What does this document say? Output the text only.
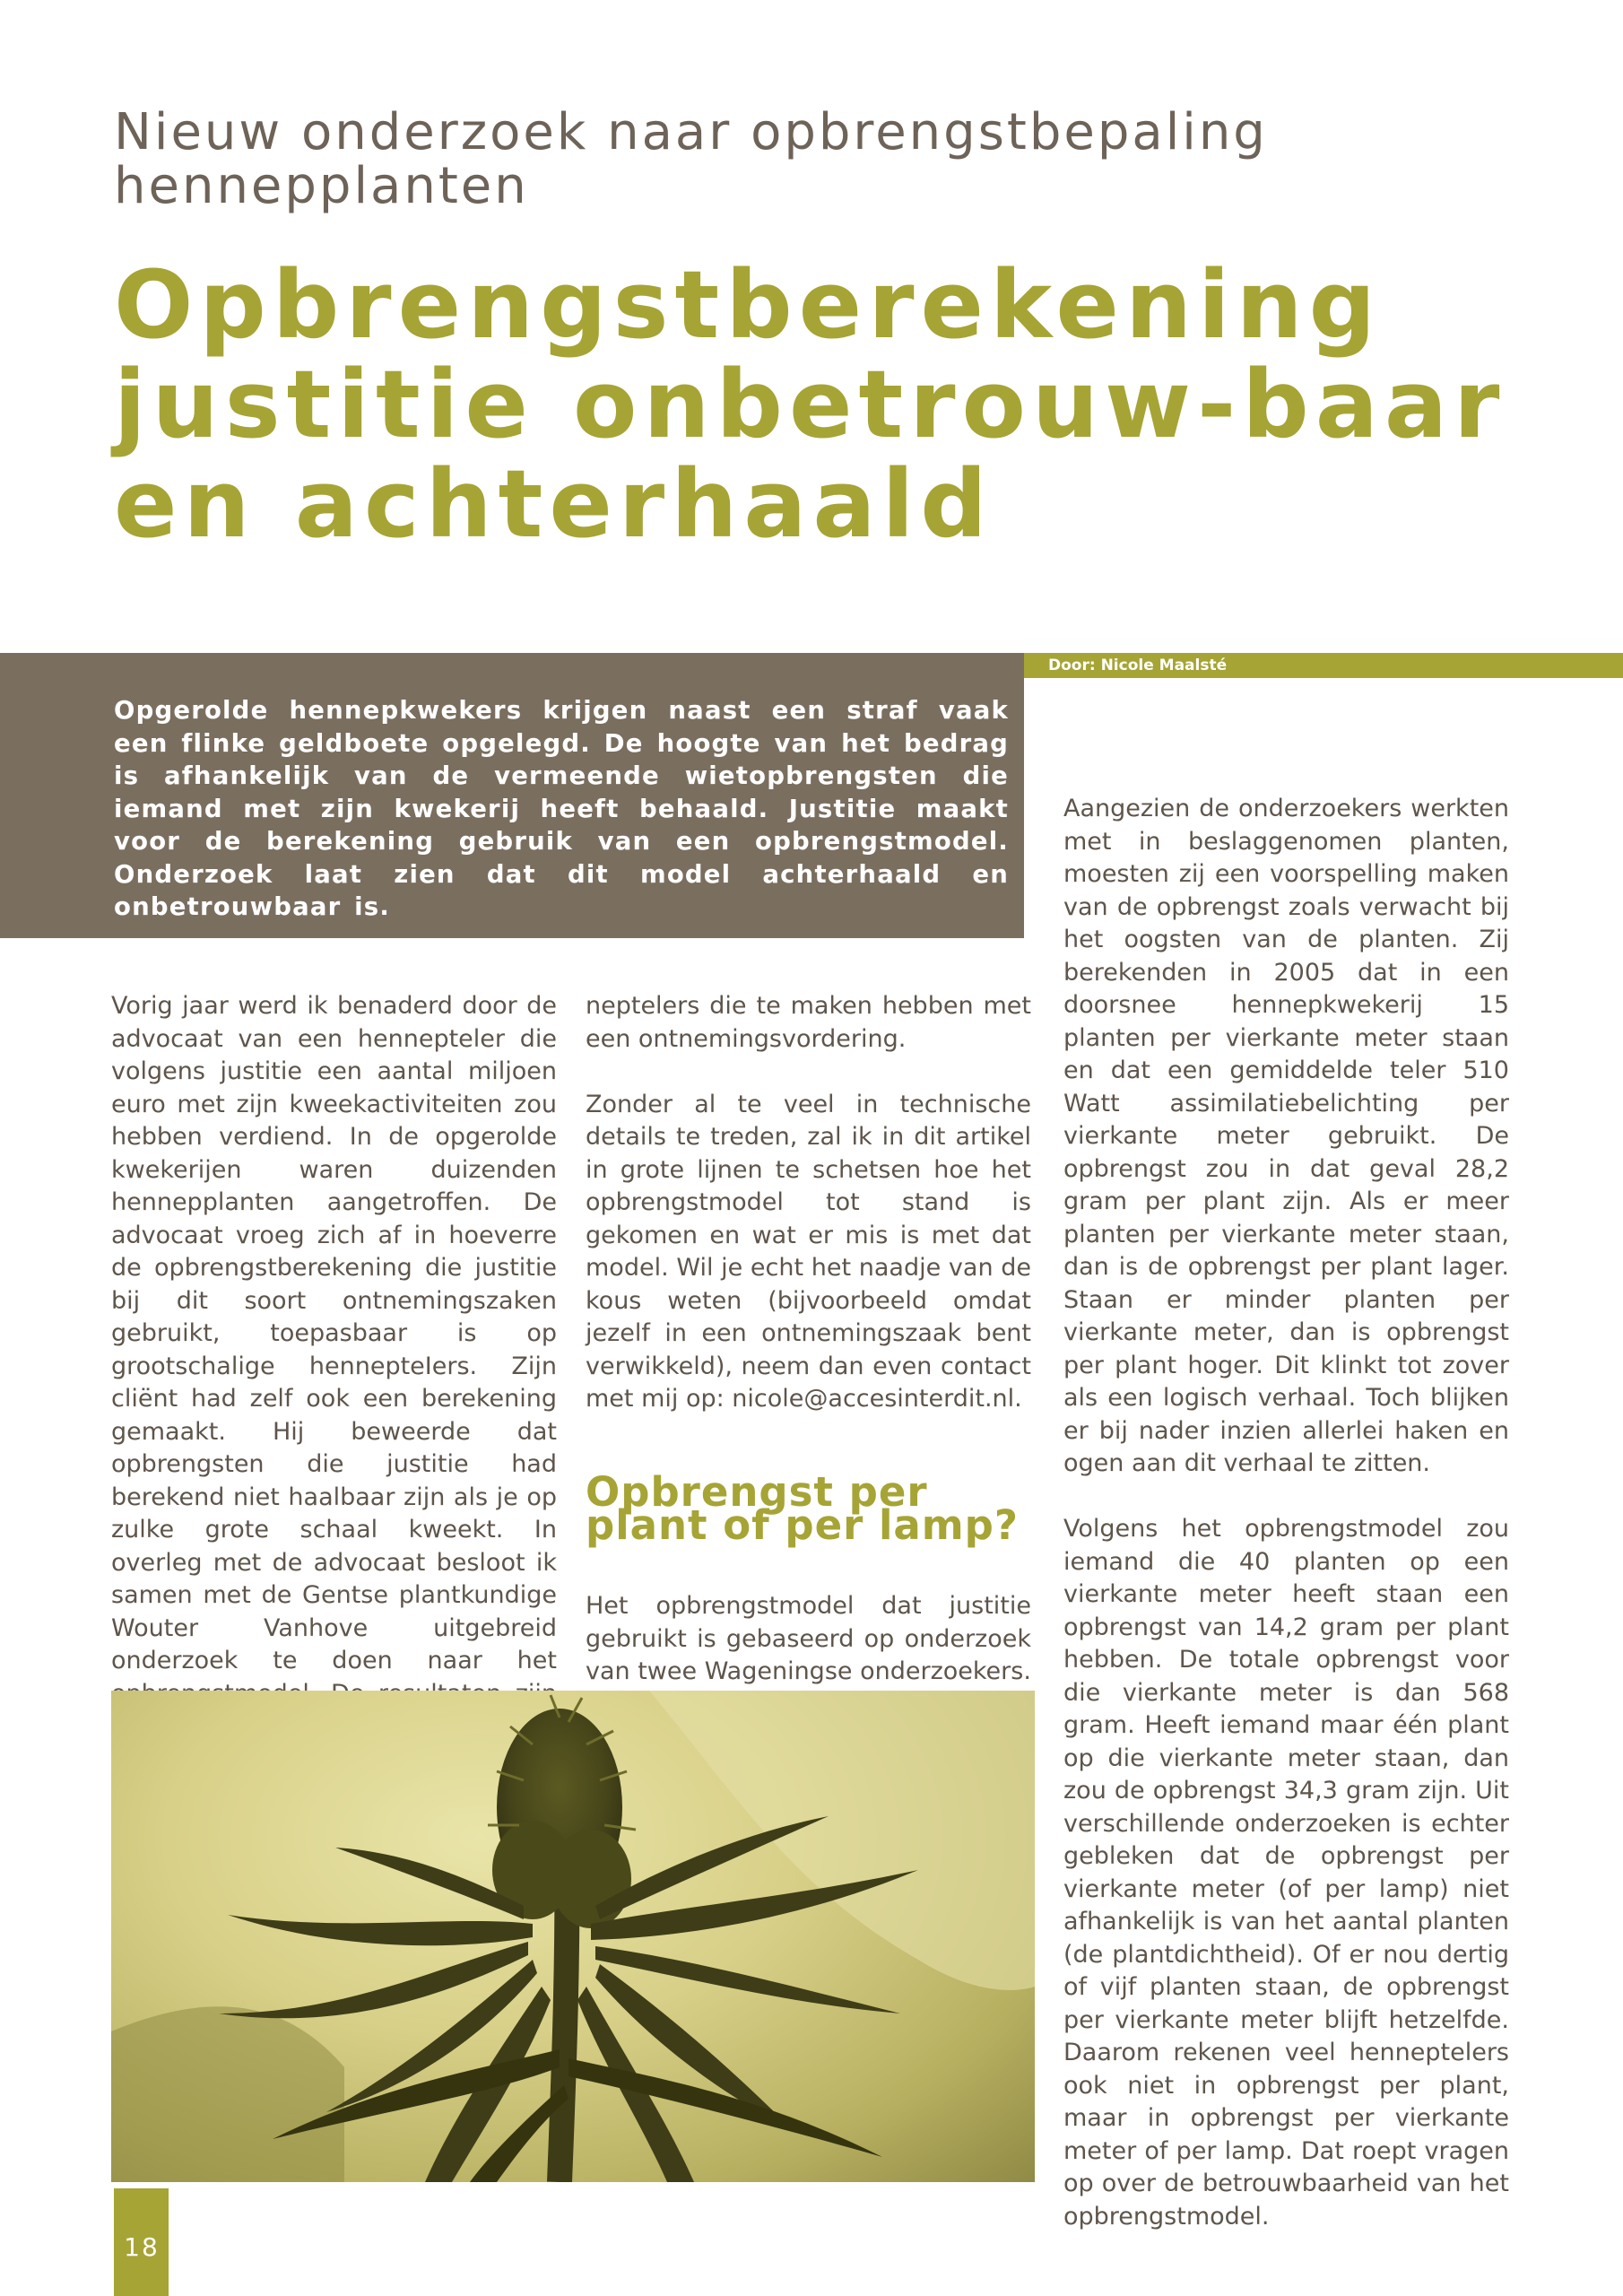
Nieuw onderzoek naar opbrengstbepaling hennepplanten
Opbrengstberekening justitie onbetrouw-baar en achterhaald
Door: Nicole Maalsté
Opgerolde hennepkwekers krijgen naast een straf vaak een flinke geldboete opgelegd. De hoogte van het bedrag is afhankelijk van de vermeende wietopbrengsten die iemand met zijn kwekerij heeft behaald. Justitie maakt voor de berekening gebruik van een opbrengstmodel. Onderzoek laat zien dat dit model achterhaald en onbetrouwbaar is.

Vorig jaar werd ik benaderd door de advocaat van een hennepteler die volgens justitie een aantal miljoen euro met zijn kweekactiviteiten zou hebben verdiend. In de opgerolde kwekerijen waren duizenden hennepplanten aangetroffen. De advocaat vroeg zich af in hoeverre de opbrengstberekening die justitie bij dit soort ontnemingszaken gebruikt, toepasbaar is op grootschalige hennepteIers. Zijn cliënt had zelf ook een berekening gemaakt. Hij beweerde dat opbrengsten die justitie had berekend niet haalbaar zijn als je op zulke grote schaal kweekt. In overleg met de advocaat besloot ik samen met de Gentse plantkundige Wouter Vanhove uitgebreid onderzoek te doen naar het

neptelers die te maken hebben met een ontnemingsvordering.

Zonder al te veel in technische details te treden, zal ik in dit artikel in grote lijnen te schetsen hoe het opbrengstmodel tot stand is gekomen en wat er mis is met dat model. Wil je echt het naadje van de kous weten (bijvoorbeeld omdat jezelf in een ontnemingszaak bent verwikkeld), neem dan even contact met mij op: nicole@accesinterdit.nl.

Opbrengst per plant of per lamp?

Het opbrengstmodel dat justitie gebruikt is gebaseerd op onderzoek van twee Wageningse onderzoekers.

Aangezien de onderzoekers werkten met in beslaggenomen planten, moesten zij een voorspelling maken van de opbrengst zoals verwacht bij het oogsten van de planten. Zij berekenden in 2005 dat in een doorsnee hennepkwekerij 15 planten per vierkante meter staan en dat een gemiddelde teler 510 Watt assimilatiebelichting per vierkante meter gebruikt. De opbrengst zou in dat geval 28,2 gram per plant zijn. Als er meer planten per vierkante meter staan, dan is de opbrengst per plant lager. Staan er minder planten per vierkante meter, dan is opbrengst per plant hoger. Dit klinkt tot zover als een logisch verhaal. Toch blijken er bij nader inzien allerlei haken en ogen aan dit verhaal te zitten.

Volgens het opbrengstmodel zou iemand die 40 planten op een vierkante meter heeft staan een opbrengst van 14,2 gram per plant hebben. De totale opbrengst voor die vierkante meter is dan 568 gram. Heeft iemand maar één plant op die vierkante meter staan, dan zou de opbrengst 34,3 gram zijn. Uit verschillende onderzoeken is echter gebleken dat de opbrengst per vierkante meter (of per lamp) niet afhankelijk is van het aantal planten (de plantdichtheid). Of er nou dertig of vijf planten staan, de opbrengst per vierkante meter blijft hetzelfde. Daarom rekenen veel henneptelers ook niet in opbrengst per plant, maar in opbrengst per vierkante meter of per lamp. Dat roept vragen op over de betrouwbaarheid van het opbrengstmodel.

18
